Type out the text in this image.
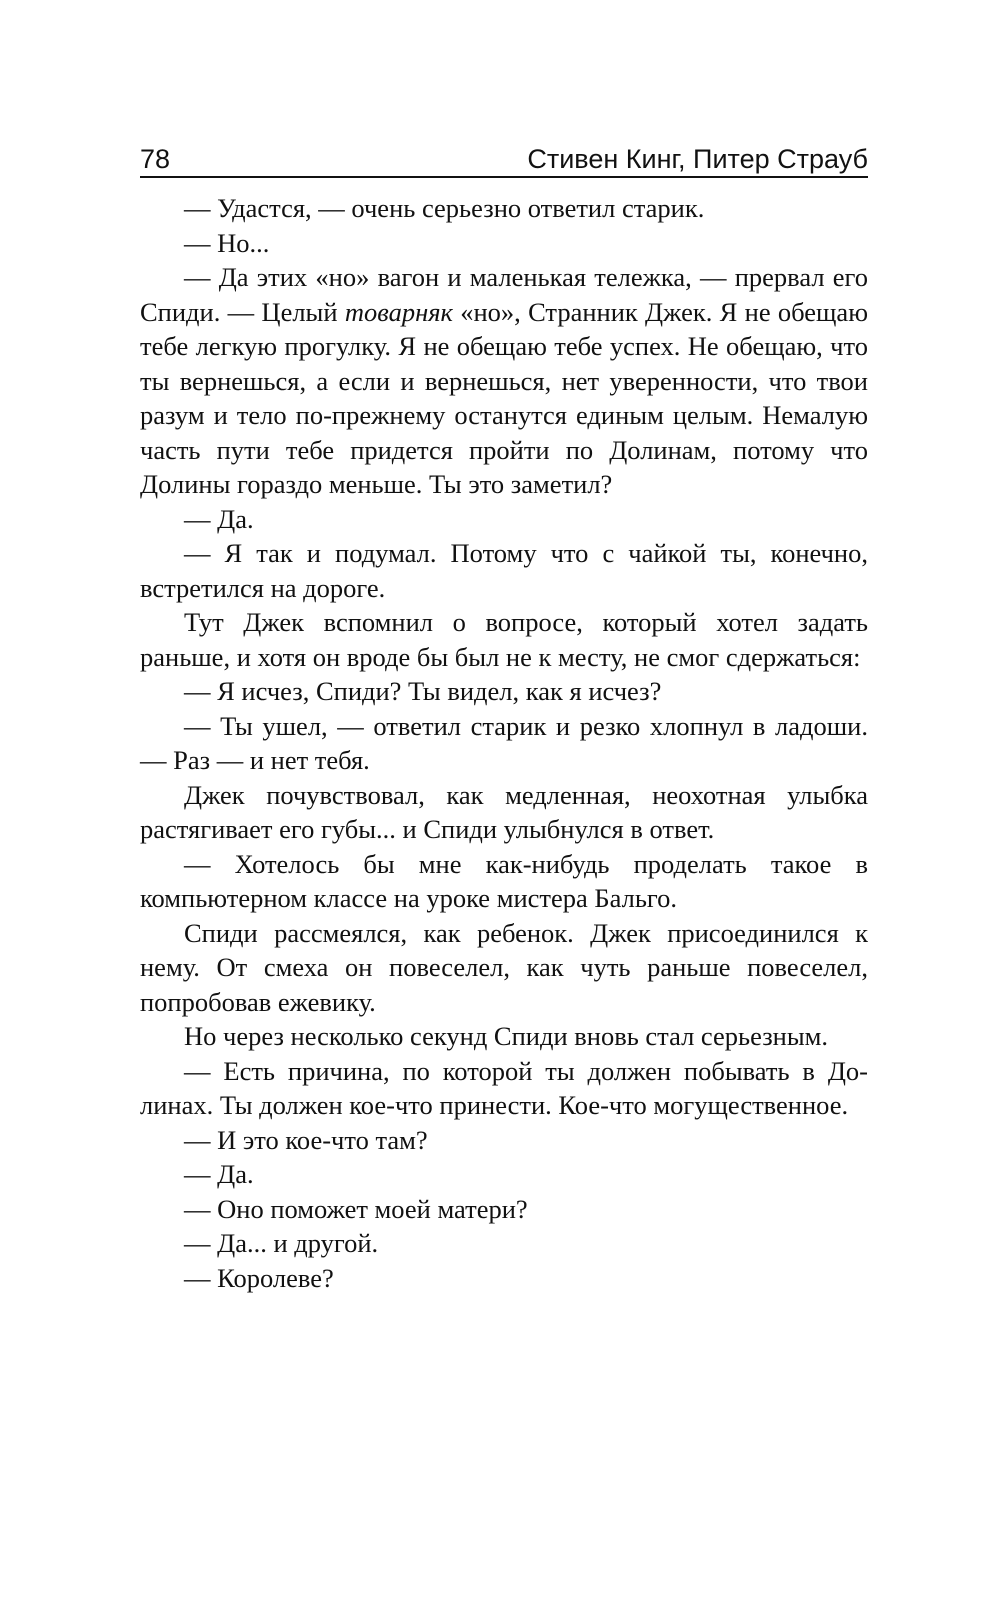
78	Стивен Кинг, Питер Страуб

— Удастся, — очень серьезно ответил старик.

— Но...

— Да этих «но» вагон и маленькая тележка, — прервал его Спиди. — Целый товарняк «но», Странник Джек. Я не обещаю тебе легкую прогулку. Я не обещаю тебе успех. Не обещаю, что ты вернешься, а если и вернешься, нет уверенности, что твои разум и тело по-прежнему останутся единым целым. Немалую часть пути тебе придется пройти по Долинам, потому что Долины гораздо меньше. Ты это заметил?

— Да.

— Я так и подумал. Потому что с чайкой ты, конечно, встретился на дороге.

Тут Джек вспомнил о вопросе, который хотел задать раньше, и хотя он вроде бы был не к месту, не смог сдержаться:

— Я исчез, Спиди? Ты видел, как я исчез?

— Ты ушел, — ответил старик и резко хлопнул в ладоши. — Раз — и нет тебя.

Джек почувствовал, как медленная, неохотная улыбка растягивает его губы... и Спиди улыбнулся в ответ.

— Хотелось бы мне как-нибудь проделать такое в компьютерном классе на уроке мистера Бальго.

Спиди рассмеялся, как ребенок. Джек присоединился к нему. От смеха он повеселел, как чуть раньше повеселел, попробовав ежевику.

Но через несколько секунд Спиди вновь стал серьезным.

— Есть причина, по которой ты должен побывать в Долинах. Ты должен кое-что принести. Кое-что могущественное.

— И это кое-что там?

— Да.

— Оно поможет моей матери?

— Да... и другой.

— Королеве?
